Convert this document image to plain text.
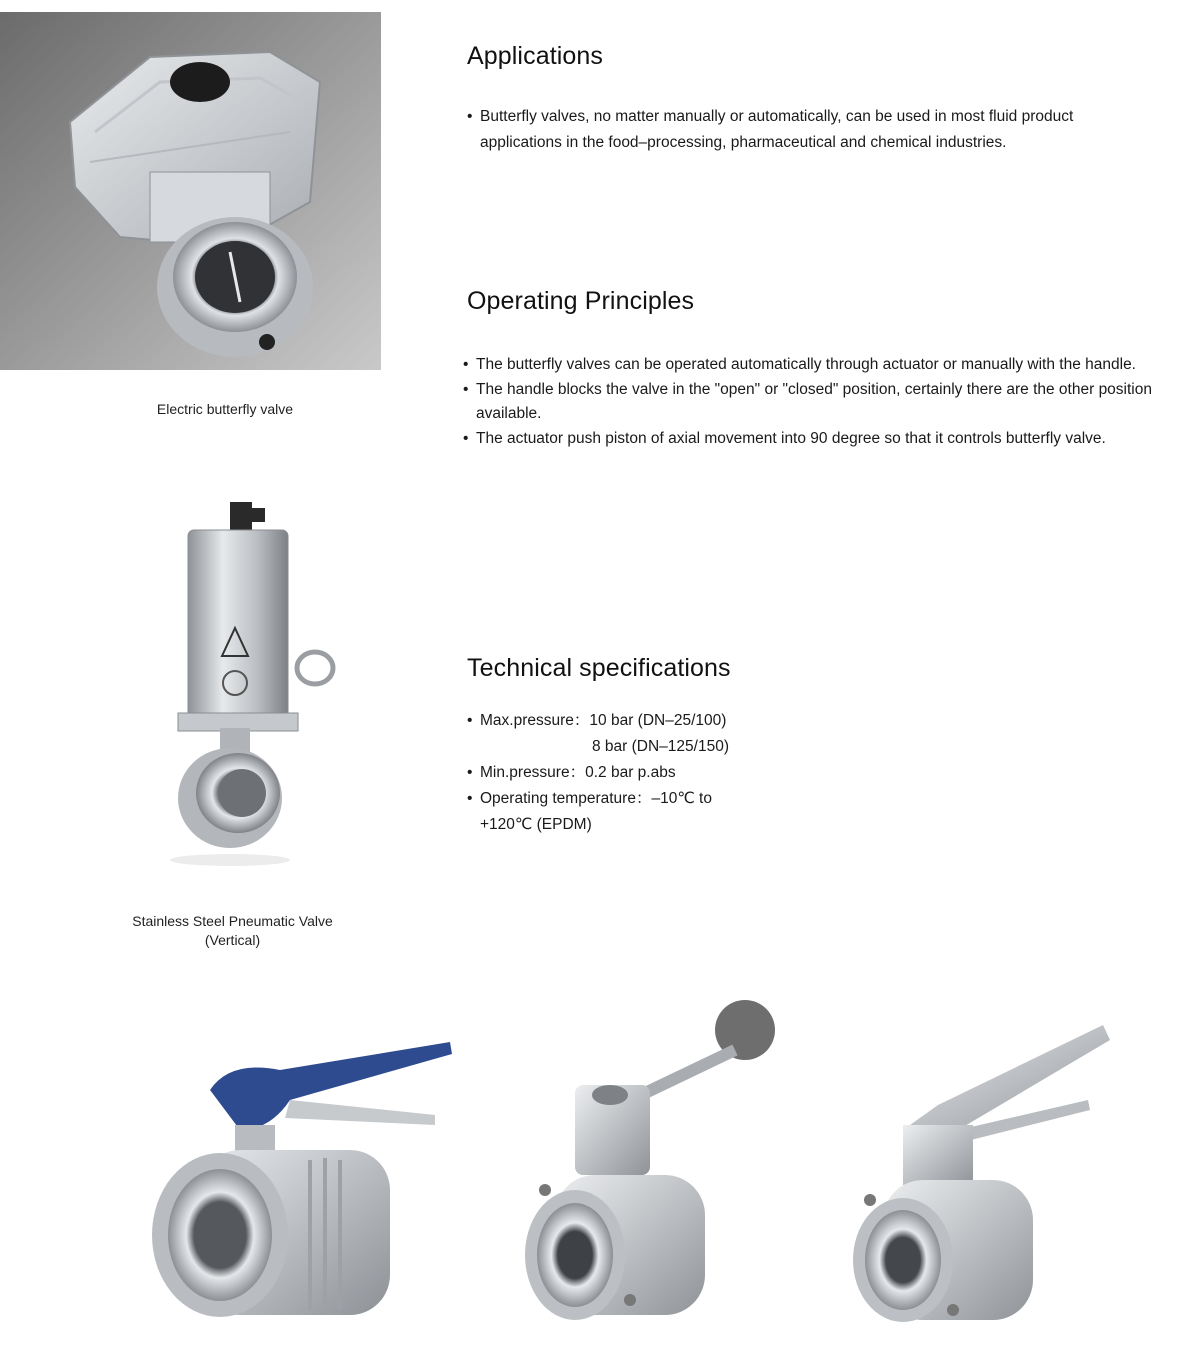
Electric butterfly valve
Stainless Steel Pneumatic Valve (Vertical)
Applications
• Butterfly valves, no matter manually or automatically, can be used in most fluid product applications in the food–processing, pharmaceutical and chemical industries.
Operating Principles
• The butterfly valves can be operated automatically through actuator or manually with the handle.
• The handle blocks the valve in the "open" or "closed" position, certainly there are the other position available.
• The actuator push piston of axial movement into 90 degree so that it controls butterfly valve.
Technical specifications
• Max.pressure：10 bar (DN–25/100)
8 bar (DN–125/150)
• Min.pressure：0.2 bar p.abs
• Operating temperature：–10℃ to +120℃ (EPDM)
